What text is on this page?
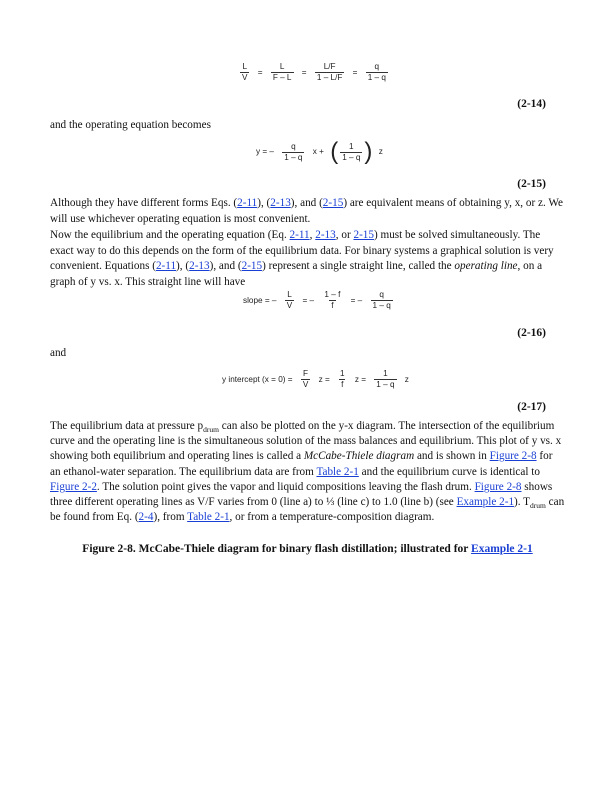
$\frac{L}{V} = \frac{L}{F - L} = \frac{L/F}{1 - L/F} = \frac{q}{1 - q}$
(2-14)
and the operating equation becomes
y = – $\frac{q}{1 - q}$ x + ( $\frac{1}{1 - q}$ ) z
(2-15)

Although they have different forms Eqs. (2-11), (2-13), and (2-15) are equivalent means of obtaining y, x, or z. We will use whichever operating equation is most convenient.

Now the equilibrium and the operating equation (Eq. 2-11, 2-13, or 2-15) must be solved simultaneously. The exact way to do this depends on the form of the equilibrium data. For binary systems a graphical solution is very convenient. Equations (2-11), (2-13), and (2-15) represent a single straight line, called the operating line, on a graph of y vs. x. This straight line will have

slope = – $\frac{L}{V}$ = – $\frac{1 - f}{f}$ = – $\frac{q}{1 - q}$
(2-16)
and
y intercept $(x = 0) = \frac{F}{V}$ $z = \frac{1}{f}$ $z = \frac{1}{1 - q}$ z
(2-17)

The equilibrium data at pressure $p_{drum}$ can also be plotted on the y-x diagram. The intersection of the equilibrium curve and the operating line is the simultaneous solution of the mass balances and equilibrium. This plot of y vs. x showing both equilibrium and operating lines is called a McCabe-Thiele diagram and is shown in Figure 2-8 for an ethanol-water separation. The equilibrium data are from Table 2-1 and the equilibrium curve is identical to Figure 2-2. The solution point gives the vapor and liquid compositions leaving the flash drum. Figure 2-8 shows three different operating lines as V/F varies from 0 (line a) to ⅓ (line c) to 1.0 (line b) (see Example 2-1). $T_{drum}$ can be found from Eq. (2-4), from Table 2-1, or from a temperature-composition diagram.

Figure 2-8. McCabe-Thiele diagram for binary flash distillation; illustrated for Example 2-1
